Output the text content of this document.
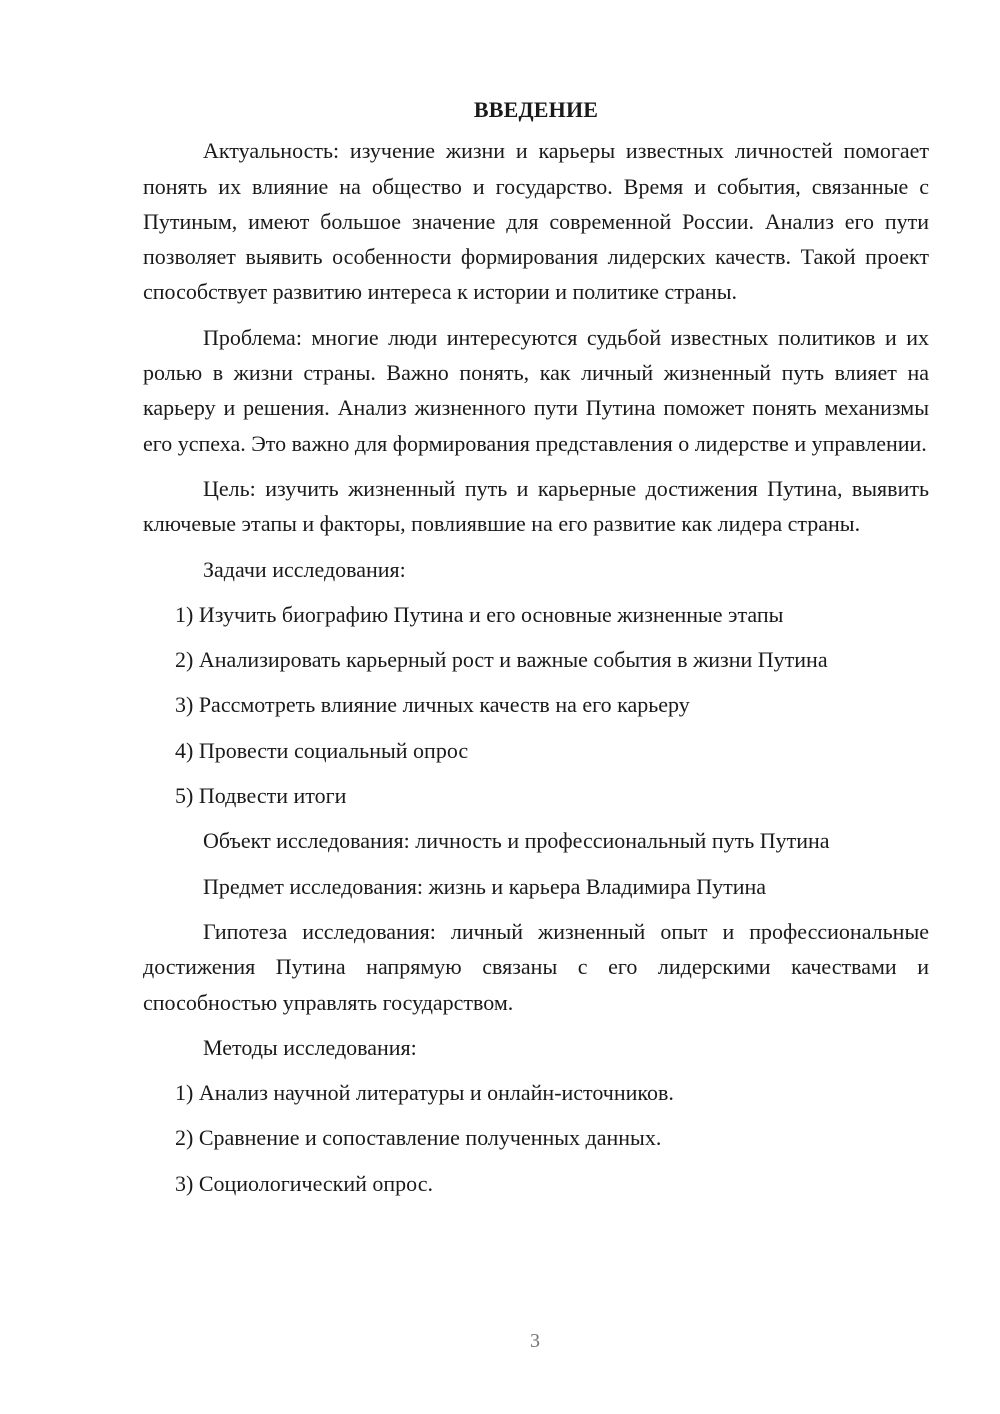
ВВЕДЕНИЕ
Актуальность: изучение жизни и карьеры известных личностей помогает понять их влияние на общество и государство. Время и события, связанные с Путиным, имеют большое значение для современной России. Анализ его пути позволяет выявить особенности формирования лидерских качеств. Такой проект способствует развитию интереса к истории и политике страны.
Проблема: многие люди интересуются судьбой известных политиков и их ролью в жизни страны. Важно понять, как личный жизненный путь влияет на карьеру и решения. Анализ жизненного пути Путина поможет понять механизмы его успеха. Это важно для формирования представления о лидерстве и управлении.
Цель: изучить жизненный путь и карьерные достижения Путина, выявить ключевые этапы и факторы, повлиявшие на его развитие как лидера страны.
Задачи исследования:
1) Изучить биографию Путина и его основные жизненные этапы
2) Анализировать карьерный рост и важные события в жизни Путина
3) Рассмотреть влияние личных качеств на его карьеру
4) Провести социальный опрос
5) Подвести итоги
Объект исследования: личность и профессиональный путь Путина
Предмет исследования: жизнь и карьера Владимира Путина
Гипотеза исследования: личный жизненный опыт и профессиональные достижения Путина напрямую связаны с его лидерскими качествами и способностью управлять государством.
Методы исследования:
1) Анализ научной литературы и онлайн-источников.
2) Сравнение и сопоставление полученных данных.
3) Социологический опрос.
3
